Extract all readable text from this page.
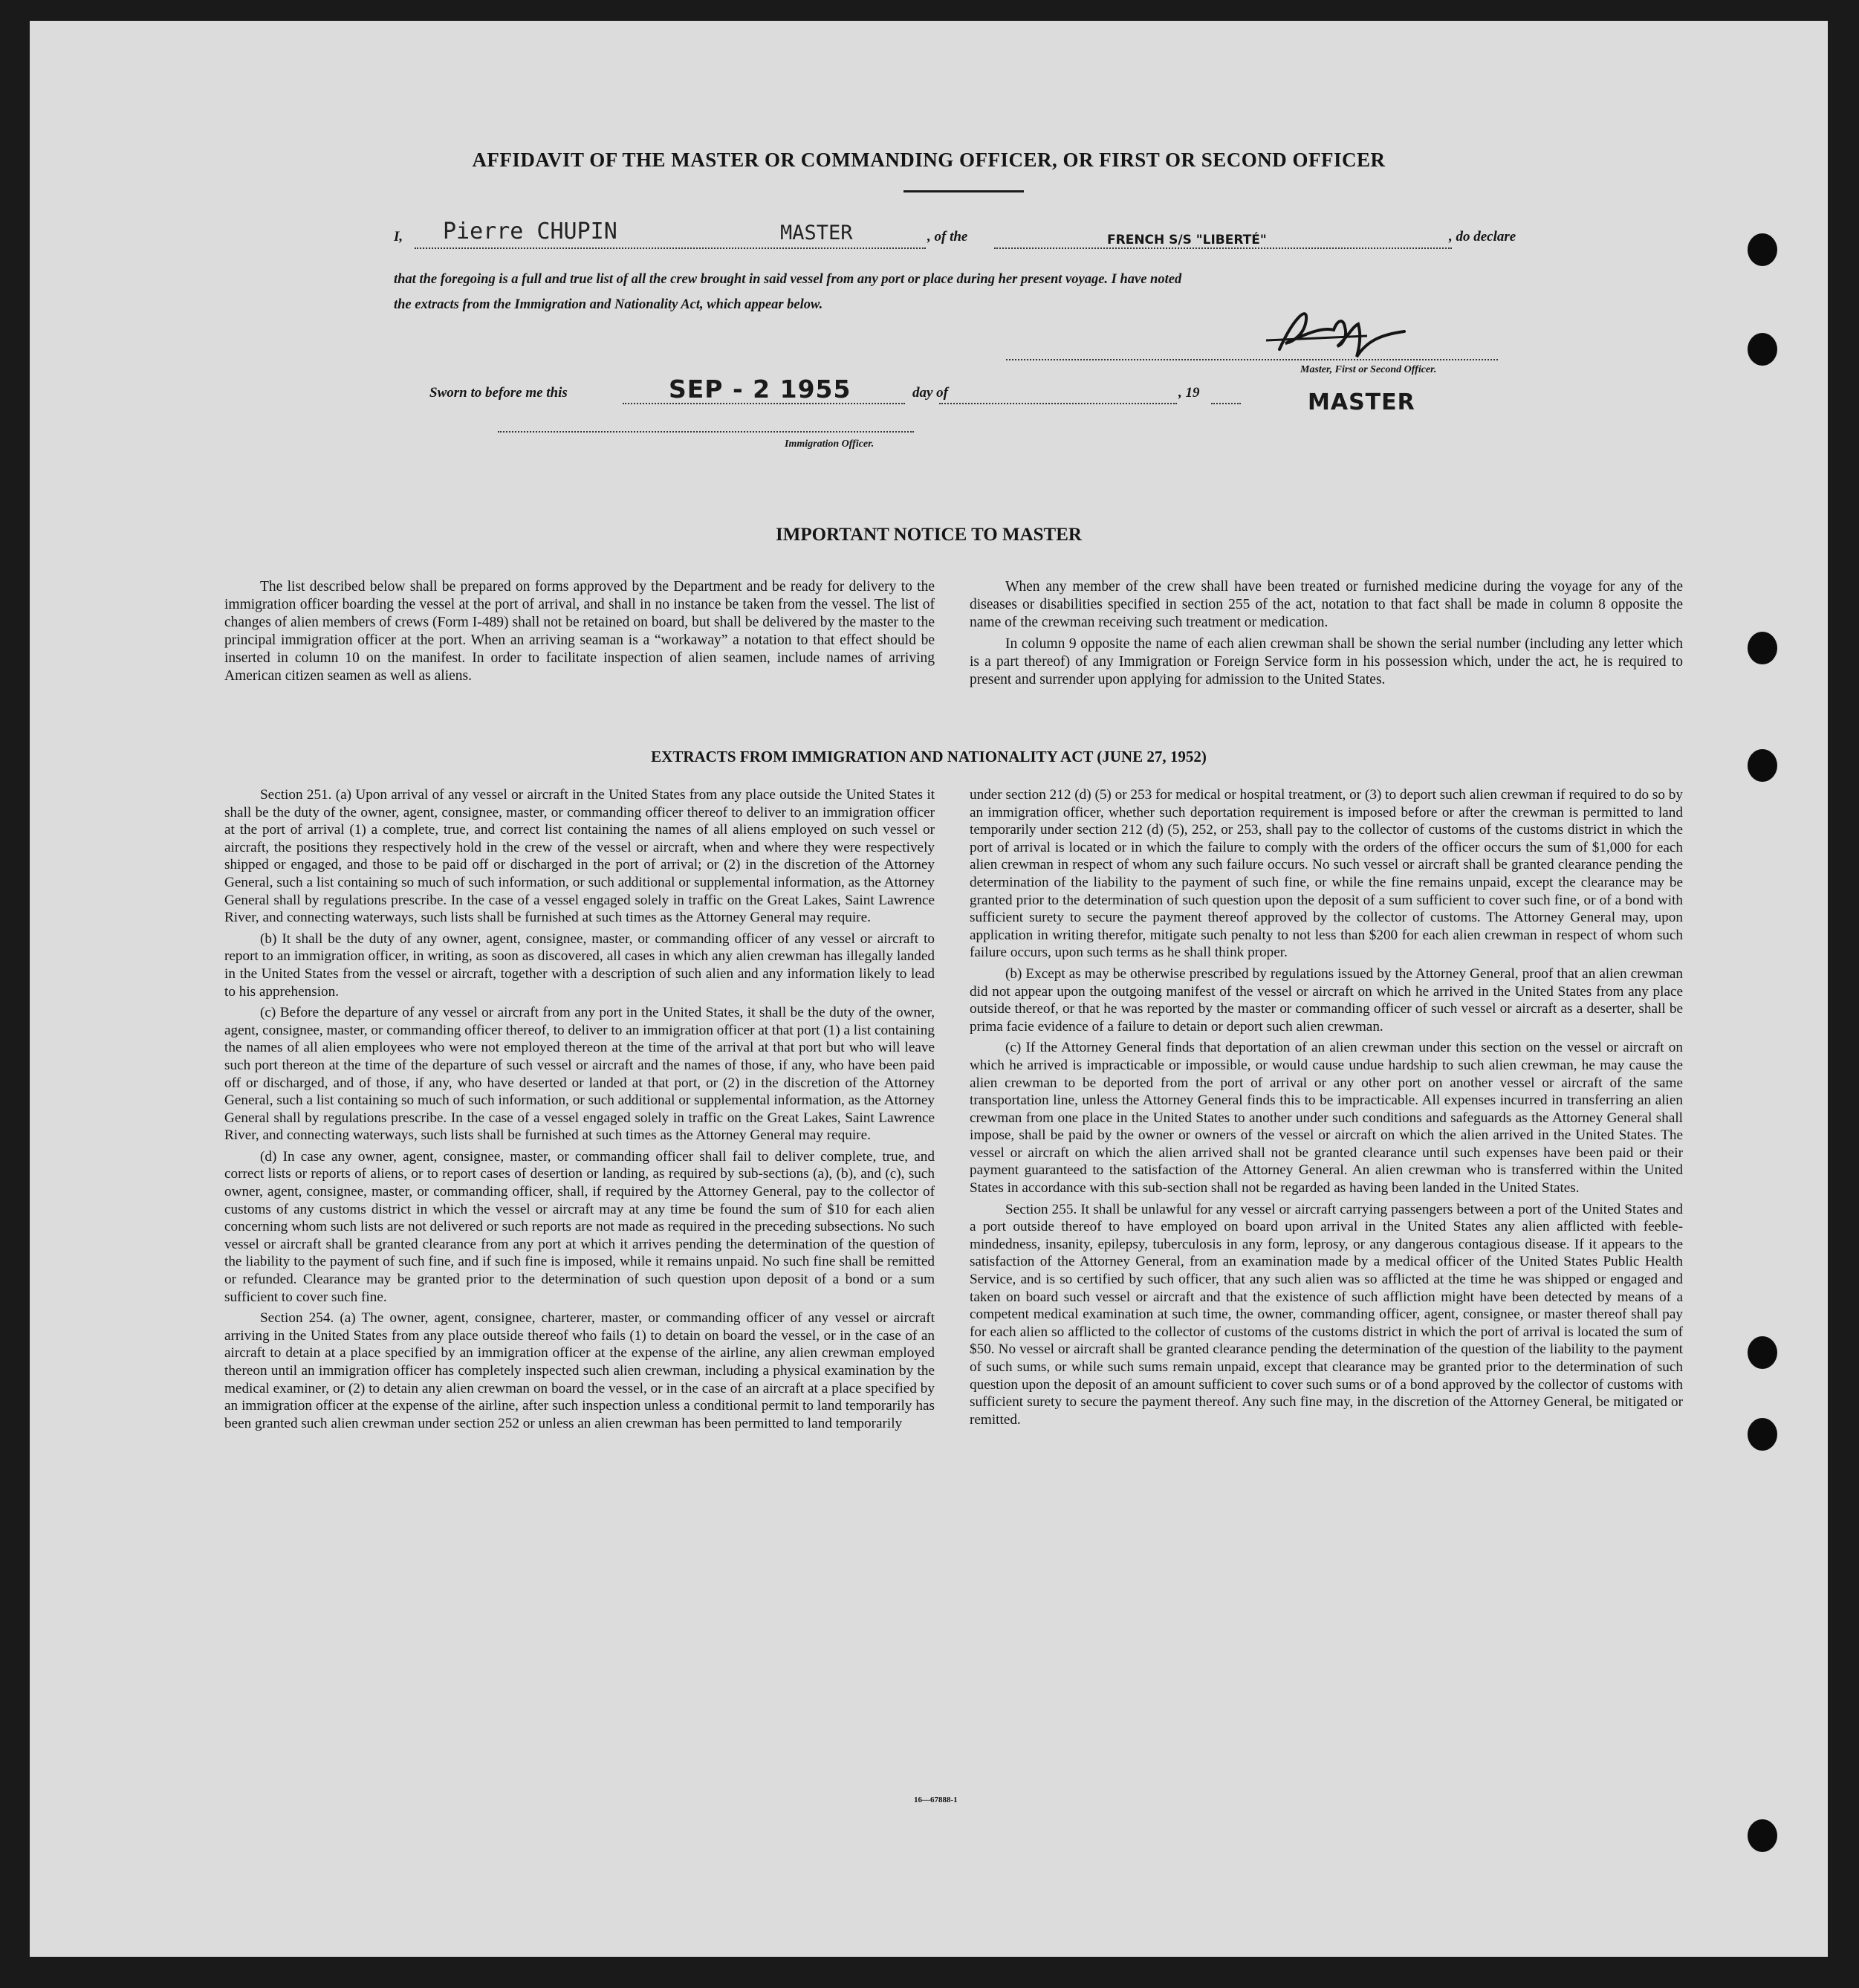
AFFIDAVIT OF THE MASTER OR COMMANDING OFFICER, OR FIRST OR SECOND OFFICER
I, Pierre CHUPIN	MASTER	, of the	FRENCH S/S "LIBERTÉ"	, do declare
that the foregoing is a full and true list of all the crew brought in said vessel from any port or place during her present voyage. I have noted
the extracts from the Immigration and Nationality Act, which appear below.
Master, First or Second Officer.
MASTER
Sworn to before me this	SEP - 2 1955	day of	, 19
Immigration Officer.
IMPORTANT NOTICE TO MASTER

The list described below shall be prepared on forms approved by the Department and be ready for delivery to the immigration officer boarding the vessel at the port of arrival, and shall in no instance be taken from the vessel. The list of changes of alien members of crews (Form I-489) shall not be retained on board, but shall be delivered by the master to the principal immigration officer at the port. When an arriving seaman is a “workaway” a notation to that effect should be inserted in column 10 on the manifest. In order to facilitate inspection of alien seamen, include names of arriving American citizen seamen as well as aliens.

When any member of the crew shall have been treated or furnished medicine during the voyage for any of the diseases or disabilities specified in section 255 of the act, notation to that fact shall be made in column 8 opposite the name of the crewman receiving such treatment or medication.

In column 9 opposite the name of each alien crewman shall be shown the serial number (including any letter which is a part thereof) of any Immigration or Foreign Service form in his possession which, under the act, he is required to present and surrender upon applying for admission to the United States.

EXTRACTS FROM IMMIGRATION AND NATIONALITY ACT (JUNE 27, 1952)

Section 251. (a) Upon arrival of any vessel or aircraft in the United States from any place outside the United States it shall be the duty of the owner, agent, consignee, master, or commanding officer thereof to deliver to an immigration officer at the port of arrival (1) a complete, true, and correct list containing the names of all aliens employed on such vessel or aircraft, the positions they respectively hold in the crew of the vessel or aircraft, when and where they were respectively shipped or engaged, and those to be paid off or discharged in the port of arrival; or (2) in the discretion of the Attorney General, such a list containing so much of such information, or such additional or supplemental information, as the Attorney General shall by regulations prescribe. In the case of a vessel engaged solely in traffic on the Great Lakes, Saint Lawrence River, and connecting waterways, such lists shall be furnished at such times as the Attorney General may require.

(b) It shall be the duty of any owner, agent, consignee, master, or commanding officer of any vessel or aircraft to report to an immigration officer, in writing, as soon as discovered, all cases in which any alien crewman has illegally landed in the United States from the vessel or aircraft, together with a description of such alien and any information likely to lead to his apprehension.

(c) Before the departure of any vessel or aircraft from any port in the United States, it shall be the duty of the owner, agent, consignee, master, or commanding officer thereof, to deliver to an immigration officer at that port (1) a list containing the names of all alien employees who were not employed thereon at the time of the arrival at that port but who will leave such port thereon at the time of the departure of such vessel or aircraft and the names of those, if any, who have been paid off or discharged, and of those, if any, who have deserted or landed at that port, or (2) in the discretion of the Attorney General, such a list containing so much of such information, or such additional or supplemental information, as the Attorney General shall by regulations prescribe. In the case of a vessel engaged solely in traffic on the Great Lakes, Saint Lawrence River, and connecting waterways, such lists shall be furnished at such times as the Attorney General may require.

(d) In case any owner, agent, consignee, master, or commanding officer shall fail to deliver complete, true, and correct lists or reports of aliens, or to report cases of desertion or landing, as required by sub-sections (a), (b), and (c), such owner, agent, consignee, master, or commanding officer, shall, if required by the Attorney General, pay to the collector of customs of any customs district in which the vessel or aircraft may at any time be found the sum of $10 for each alien concerning whom such lists are not delivered or such reports are not made as required in the preceding subsections. No such vessel or aircraft shall be granted clearance from any port at which it arrives pending the determination of the question of the liability to the payment of such fine, and if such fine is imposed, while it remains unpaid. No such fine shall be remitted or refunded. Clearance may be granted prior to the determination of such question upon deposit of a bond or a sum sufficient to cover such fine.

Section 254. (a) The owner, agent, consignee, charterer, master, or commanding officer of any vessel or aircraft arriving in the United States from any place outside thereof who fails (1) to detain on board the vessel, or in the case of an aircraft to detain at a place specified by an immigration officer at the expense of the airline, any alien crewman employed thereon until an immigration officer has completely inspected such alien crewman, including a physical examination by the medical examiner, or (2) to detain any alien crewman on board the vessel, or in the case of an aircraft at a place specified by an immigration officer at the expense of the airline, after such inspection unless a conditional permit to land temporarily has been granted such alien crewman under section 252 or unless an alien crewman has been permitted to land temporarily

under section 212 (d) (5) or 253 for medical or hospital treatment, or (3) to deport such alien crewman if required to do so by an immigration officer, whether such deportation requirement is imposed before or after the crewman is permitted to land temporarily under section 212 (d) (5), 252, or 253, shall pay to the collector of customs of the customs district in which the port of arrival is located or in which the failure to comply with the orders of the officer occurs the sum of $1,000 for each alien crewman in respect of whom any such failure occurs. No such vessel or aircraft shall be granted clearance pending the determination of the liability to the payment of such fine, or while the fine remains unpaid, except the clearance may be granted prior to the determination of such question upon the deposit of a sum sufficient to cover such fine, or of a bond with sufficient surety to secure the payment thereof approved by the collector of customs. The Attorney General may, upon application in writing therefor, mitigate such penalty to not less than $200 for each alien crewman in respect of whom such failure occurs, upon such terms as he shall think proper.

(b) Except as may be otherwise prescribed by regulations issued by the Attorney General, proof that an alien crewman did not appear upon the outgoing manifest of the vessel or aircraft on which he arrived in the United States from any place outside thereof, or that he was reported by the master or commanding officer of such vessel or aircraft as a deserter, shall be prima facie evidence of a failure to detain or deport such alien crewman.

(c) If the Attorney General finds that deportation of an alien crewman under this section on the vessel or aircraft on which he arrived is impracticable or impossible, or would cause undue hardship to such alien crewman, he may cause the alien crewman to be deported from the port of arrival or any other port on another vessel or aircraft of the same transportation line, unless the Attorney General finds this to be impracticable. All expenses incurred in transferring an alien crewman from one place in the United States to another under such conditions and safeguards as the Attorney General shall impose, shall be paid by the owner or owners of the vessel or aircraft on which the alien arrived in the United States. The vessel or aircraft on which the alien arrived shall not be granted clearance until such expenses have been paid or their payment guaranteed to the satisfaction of the Attorney General. An alien crewman who is transferred within the United States in accordance with this sub-section shall not be regarded as having been landed in the United States.

Section 255. It shall be unlawful for any vessel or aircraft carrying passengers between a port of the United States and a port outside thereof to have employed on board upon arrival in the United States any alien afflicted with feeble-mindedness, insanity, epilepsy, tuberculosis in any form, leprosy, or any dangerous contagious disease. If it appears to the satisfaction of the Attorney General, from an examination made by a medical officer of the United States Public Health Service, and is so certified by such officer, that any such alien was so afflicted at the time he was shipped or engaged and taken on board such vessel or aircraft and that the existence of such affliction might have been detected by means of a competent medical examination at such time, the owner, commanding officer, agent, consignee, or master thereof shall pay for each alien so afflicted to the collector of customs of the customs district in which the port of arrival is located the sum of $50. No vessel or aircraft shall be granted clearance pending the determination of the question of the liability to the payment of such sums, or while such sums remain unpaid, except that clearance may be granted prior to the determination of such question upon the deposit of an amount sufficient to cover such sums or of a bond approved by the collector of customs with sufficient surety to secure the payment thereof. Any such fine may, in the discretion of the Attorney General, be mitigated or remitted.

16—67888-1
